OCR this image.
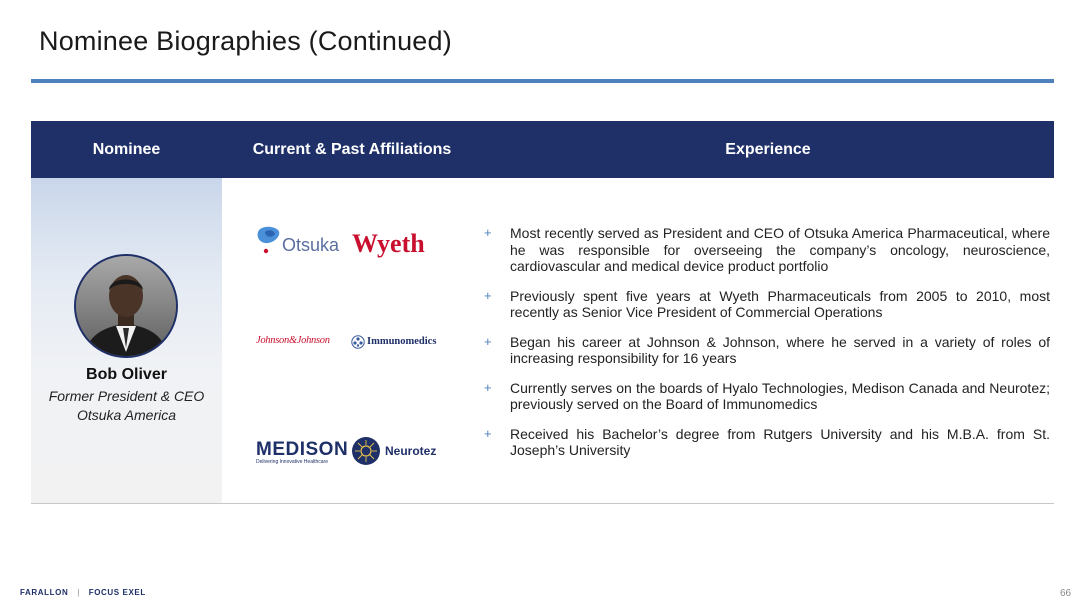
Nominee Biographies (Continued)
Nominee	Current & Past Affiliations	Experience
Bob Oliver
Former President & CEO
Otsuka America
Otsuka Wyeth
Johnson&Johnson	Immunomedics
MEDISON
Delivering Innovative Healthcare
Neurotez
+ Most recently served as President and CEO of Otsuka America Pharmaceutical, where he was responsible for overseeing the company’s oncology, neuroscience, cardiovascular and medical device product portfolio
+ Previously spent five years at Wyeth Pharmaceuticals from 2005 to 2010, most recently as Senior Vice President of Commercial Operations
+ Began his career at Johnson & Johnson, where he served in a variety of roles of increasing responsibility for 16 years
+ Currently serves on the boards of Hyalo Technologies, Medison Canada and Neurotez; previously served on the Board of Immunomedics
+ Received his Bachelor’s degree from Rutgers University and his M.B.A. from St. Joseph’s University
FARALLON | FOCUS EXEL	66
